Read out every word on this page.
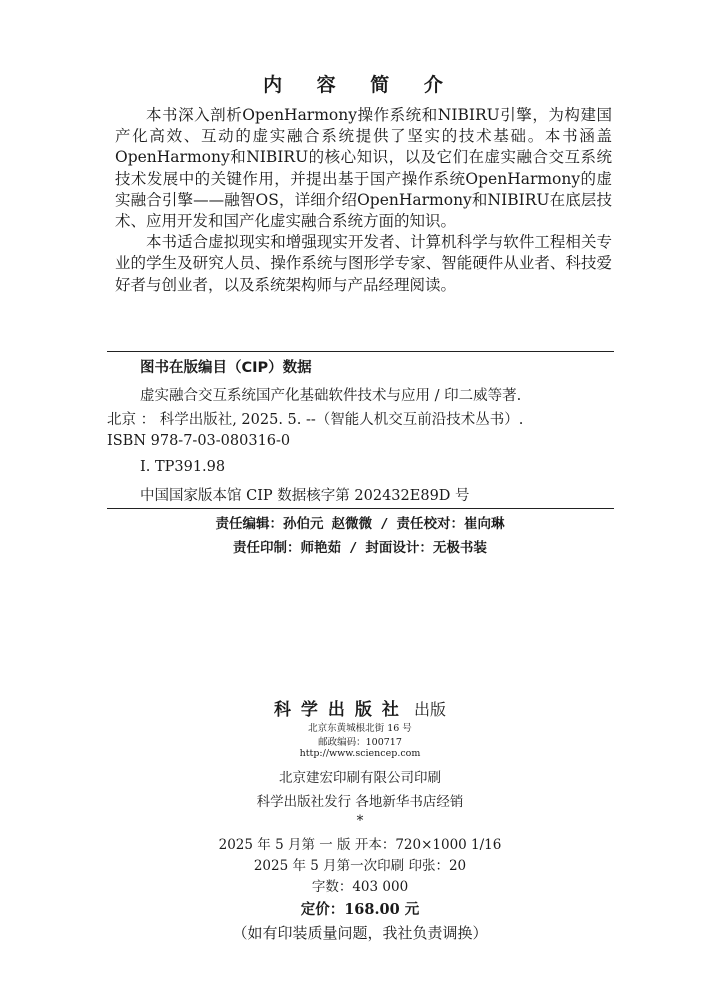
内 容 简 介

本书深入剖析OpenHarmony操作系统和NIBIRU引擎，为构建国产化高效、互动的虚实融合系统提供了坚实的技术基础。本书涵盖OpenHarmony和NIBIRU的核心知识，以及它们在虚实融合交互系统技术发展中的关键作用，并提出基于国产操作系统OpenHarmony的虚实融合引擎——融智OS，详细介绍OpenHarmony和NIBIRU在底层技术、应用开发和国产化虚实融合系统方面的知识。

本书适合虚拟现实和增强现实开发者、计算机科学与软件工程相关专业的学生及研究人员、操作系统与图形学专家、智能硬件从业者、科技爱好者与创业者，以及系统架构师与产品经理阅读。

图书在版编目（CIP）数据
虚实融合交互系统国产化基础软件技术与应用 / 印二威等著.
北京 ： 科学出版社, 2025. 5. --（智能人机交互前沿技术丛书）.
ISBN 978-7-03-080316-0
Ⅰ. TP391.98
中国国家版本馆 CIP 数据核字第 202432E89D 号
责任编辑：孙伯元 赵微微 / 责任校对：崔向琳
责任印制：师艳茹 / 封面设计：无极书装
科学出版社 出版
北京东黄城根北街 16 号
邮政编码：100717
http://www.sciencep.com
北京建宏印刷有限公司印刷
科学出版社发行 各地新华书店经销
*
2025 年 5 月第 一 版 开本：720×1000 1/16
2025 年 5 月第一次印刷 印张：20
字数：403 000
定价：168.00 元
（如有印装质量问题，我社负责调换）
